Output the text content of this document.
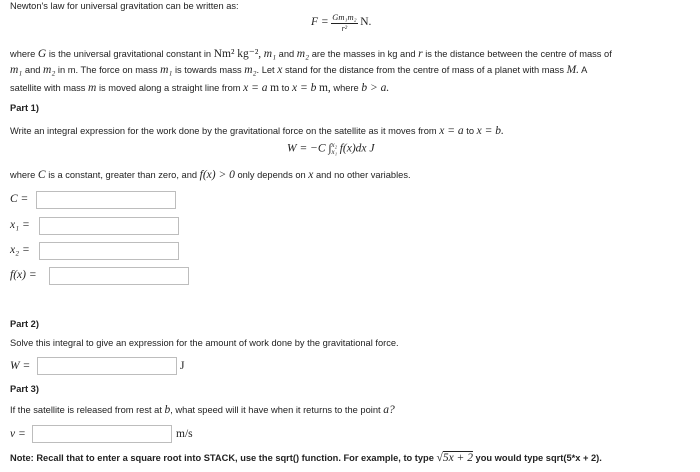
Newton's law for universal gravitation can be written as:
$F = \frac{\text{Gm₁m₂}}{\text{r²}} N$.
where G is the universal gravitational constant in Nm² kg⁻², m₁ and m₂ are the masses in kg and r is the distance between the centre of mass of
m₁ and m₂ in m. The force on mass m₁ is towards mass m₂. Let x stand for the distance from the centre of mass of a planet with mass M. A
satellite with mass m is moved along a straight line from x = a m to x = b m, where b > a.
Part 1)
Write an integral expression for the work done by the gravitational force on the satellite as it moves from x = a to x = b.
W = −C ∫ x₂
x₁ f(x)dx J
where C is a constant, greater than zero, and f(x) > 0 only depends on x and no other variables.
C =
x₁ =
x₂ =
f(x) =
Part 2)
Solve this integral to give an expression for the amount of work done by the gravitational force.
W =	J
Part 3)
If the satellite is released from rest at b, what speed will it have when it returns to the point a?
v =	m/s
Note: Recall that to enter a square root into STACK, use the sqrt() function. For example, to type √5x + 2 you would type sqrt(5*x + 2).
